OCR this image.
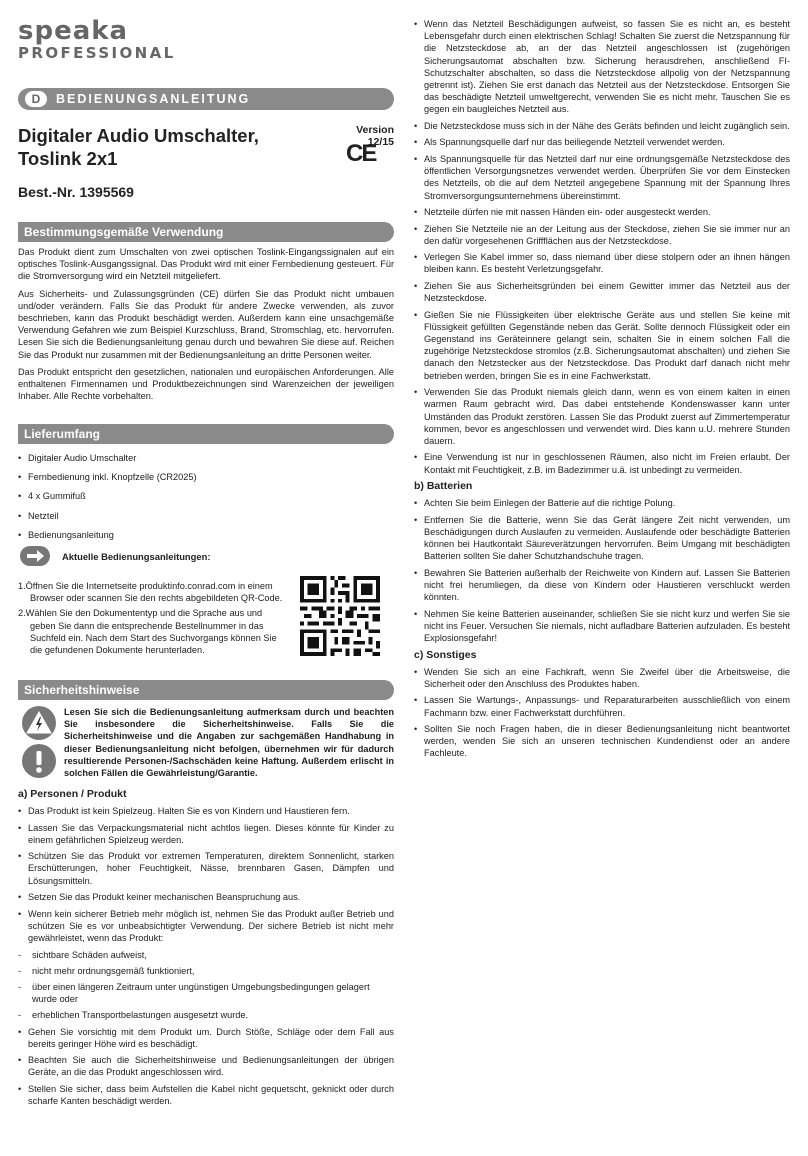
speaka
PROFESSIONAL
D	BEDIENUNGSANLEITUNG
Digitaler Audio Umschalter,
Toslink 2x1
Version 12/15
CE
Best.-Nr. 1395569
Bestimmungsgemäße Verwendung

Das Produkt dient zum Umschalten von zwei optischen Toslink-Eingangssignalen auf ein optisches Toslink-Ausgangssignal. Das Produkt wird mit einer Fernbedienung gesteuert. Für die Stromversorgung wird ein Netzteil mitgeliefert.

Aus Sicherheits- und Zulassungsgründen (CE) dürfen Sie das Produkt nicht umbauen und/oder verändern. Falls Sie das Produkt für andere Zwecke verwenden, als zuvor beschrieben, kann das Produkt beschädigt werden. Außerdem kann eine unsachgemäße Verwendung Gefahren wie zum Beispiel Kurzschluss, Brand, Stromschlag, etc. hervorrufen. Lesen Sie sich die Bedienungsanleitung genau durch und bewahren Sie diese auf. Reichen Sie das Produkt nur zusammen mit der Bedienungsanleitung an dritte Personen weiter.

Das Produkt entspricht den gesetzlichen, nationalen und europäischen Anforderungen. Alle enthaltenen Firmennamen und Produktbezeichnungen sind Warenzeichen der jeweiligen Inhaber. Alle Rechte vorbehalten.

Lieferumfang
• Digitaler Audio Umschalter
• Fernbedienung inkl. Knopfzelle (CR2025)
• 4 x Gummifuß
• Netzteil
• Bedienungsanleitung
Aktuelle Bedienungsanleitungen:
1.Öffnen Sie die Internetseite produktinfo.conrad.com in einem Browser oder scannen Sie den rechts abgebildeten QR-Code.
2.Wählen Sie den Dokumententyp und die Sprache aus und geben Sie dann die entsprechende Bestellnummer in das Suchfeld ein. Nach dem Start des Suchvorgangs können Sie die gefundenen Dokumente herunterladen.
Sicherheitshinweise

Lesen Sie sich die Bedienungsanleitung aufmerksam durch und beachten Sie insbesondere die Sicherheitshinweise. Falls Sie die Sicherheitshinweise und die Angaben zur sachgemäßen Handhabung in dieser Bedienungsanleitung nicht befolgen, übernehmen wir für dadurch resultierende Personen-/Sachschäden keine Haftung. Außerdem erlischt in solchen Fällen die Gewährleistung/Garantie.

a) Personen / Produkt
• Das Produkt ist kein Spielzeug. Halten Sie es von Kindern und Haustieren fern.
• Lassen Sie das Verpackungsmaterial nicht achtlos liegen. Dieses könnte für Kinder zu einem gefährlichen Spielzeug werden.
• Schützen Sie das Produkt vor extremen Temperaturen, direktem Sonnenlicht, starken Erschütterungen, hoher Feuchtigkeit, Nässe, brennbaren Gasen, Dämpfen und Lösungsmitteln.
• Setzen Sie das Produkt keiner mechanischen Beanspruchung aus.
• Wenn kein sicherer Betrieb mehr möglich ist, nehmen Sie das Produkt außer Betrieb und schützen Sie es vor unbeabsichtigter Verwendung. Der sichere Betrieb ist nicht mehr gewährleistet, wenn das Produkt:
- sichtbare Schäden aufweist,
- nicht mehr ordnungsgemäß funktioniert,
- über einen längeren Zeitraum unter ungünstigen Umgebungsbedingungen gelagert wurde oder
- erheblichen Transportbelastungen ausgesetzt wurde.
• Gehen Sie vorsichtig mit dem Produkt um. Durch Stöße, Schläge oder dem Fall aus bereits geringer Höhe wird es beschädigt.
• Beachten Sie auch die Sicherheitshinweise und Bedienungsanleitungen der übrigen Geräte, an die das Produkt angeschlossen wird.
• Stellen Sie sicher, dass beim Aufstellen die Kabel nicht gequetscht, geknickt oder durch scharfe Kanten beschädigt werden.
• Wenn das Netzteil Beschädigungen aufweist, so fassen Sie es nicht an, es besteht Lebensgefahr durch einen elektrischen Schlag! Schalten Sie zuerst die Netzspannung für die Netzsteckdose ab, an der das Netzteil angeschlossen ist (zugehörigen Sicherungsautomat abschalten bzw. Sicherung herausdrehen, anschließend FI-Schutzschalter abschalten, so dass die Netzsteckdose allpolig von der Netzspannung getrennt ist). Ziehen Sie erst danach das Netzteil aus der Netzsteckdose. Entsorgen Sie das beschädigte Netzteil umweltgerecht, verwenden Sie es nicht mehr. Tauschen Sie es gegen ein baugleiches Netzteil aus.
• Die Netzsteckdose muss sich in der Nähe des Geräts befinden und leicht zugänglich sein.
• Als Spannungsquelle darf nur das beiliegende Netzteil verwendet werden.
• Als Spannungsquelle für das Netzteil darf nur eine ordnungsgemäße Netzsteckdose des öffentlichen Versorgungsnetzes verwendet werden. Überprüfen Sie vor dem Einstecken des Netzteils, ob die auf dem Netzteil angegebene Spannung mit der Spannung Ihres Stromversorgungsunternehmens übereinstimmt.
• Netzteile dürfen nie mit nassen Händen ein- oder ausgesteckt werden.
• Ziehen Sie Netzteile nie an der Leitung aus der Steckdose, ziehen Sie sie immer nur an den dafür vorgesehenen Griffflächen aus der Netzsteckdose.
• Verlegen Sie Kabel immer so, dass niemand über diese stolpern oder an ihnen hängen bleiben kann. Es besteht Verletzungsgefahr.
• Ziehen Sie aus Sicherheitsgründen bei einem Gewitter immer das Netzteil aus der Netzsteckdose.
• Gießen Sie nie Flüssigkeiten über elektrische Geräte aus und stellen Sie keine mit Flüssigkeit gefüllten Gegenstände neben das Gerät. Sollte dennoch Flüssigkeit oder ein Gegenstand ins Geräteinnere gelangt sein, schalten Sie in einem solchen Fall die zugehörige Netzsteckdose stromlos (z.B. Sicherungsautomat abschalten) und ziehen Sie danach den Netzstecker aus der Netzsteckdose. Das Produkt darf danach nicht mehr betrieben werden, bringen Sie es in eine Fachwerkstatt.
• Verwenden Sie das Produkt niemals gleich dann, wenn es von einem kalten in einen warmen Raum gebracht wird. Das dabei entstehende Kondenswasser kann unter Umständen das Produkt zerstören. Lassen Sie das Produkt zuerst auf Zimmertemperatur kommen, bevor es angeschlossen und verwendet wird. Dies kann u.U. mehrere Stunden dauern.
• Eine Verwendung ist nur in geschlossenen Räumen, also nicht im Freien erlaubt. Der Kontakt mit Feuchtigkeit, z.B. im Badezimmer u.ä. ist unbedingt zu vermeiden.
b) Batterien
• Achten Sie beim Einlegen der Batterie auf die richtige Polung.
• Entfernen Sie die Batterie, wenn Sie das Gerät längere Zeit nicht verwenden, um Beschädigungen durch Auslaufen zu vermeiden. Auslaufende oder beschädigte Batterien können bei Hautkontakt Säureverätzungen hervorrufen. Beim Umgang mit beschädigten Batterien sollten Sie daher Schutzhandschuhe tragen.
• Bewahren Sie Batterien außerhalb der Reichweite von Kindern auf. Lassen Sie Batterien nicht frei herumliegen, da diese von Kindern oder Haustieren verschluckt werden könnten.
• Nehmen Sie keine Batterien auseinander, schließen Sie sie nicht kurz und werfen Sie sie nicht ins Feuer. Versuchen Sie niemals, nicht aufladbare Batterien aufzuladen. Es besteht Explosionsgefahr!
c) Sonstiges
• Wenden Sie sich an eine Fachkraft, wenn Sie Zweifel über die Arbeitsweise, die Sicherheit oder den Anschluss des Produktes haben.
• Lassen Sie Wartungs-, Anpassungs- und Reparaturarbeiten ausschließlich von einem Fachmann bzw. einer Fachwerkstatt durchführen.
• Sollten Sie noch Fragen haben, die in dieser Bedienungsanleitung nicht beantwortet werden, wenden Sie sich an unseren technischen Kundendienst oder an andere Fachleute.
